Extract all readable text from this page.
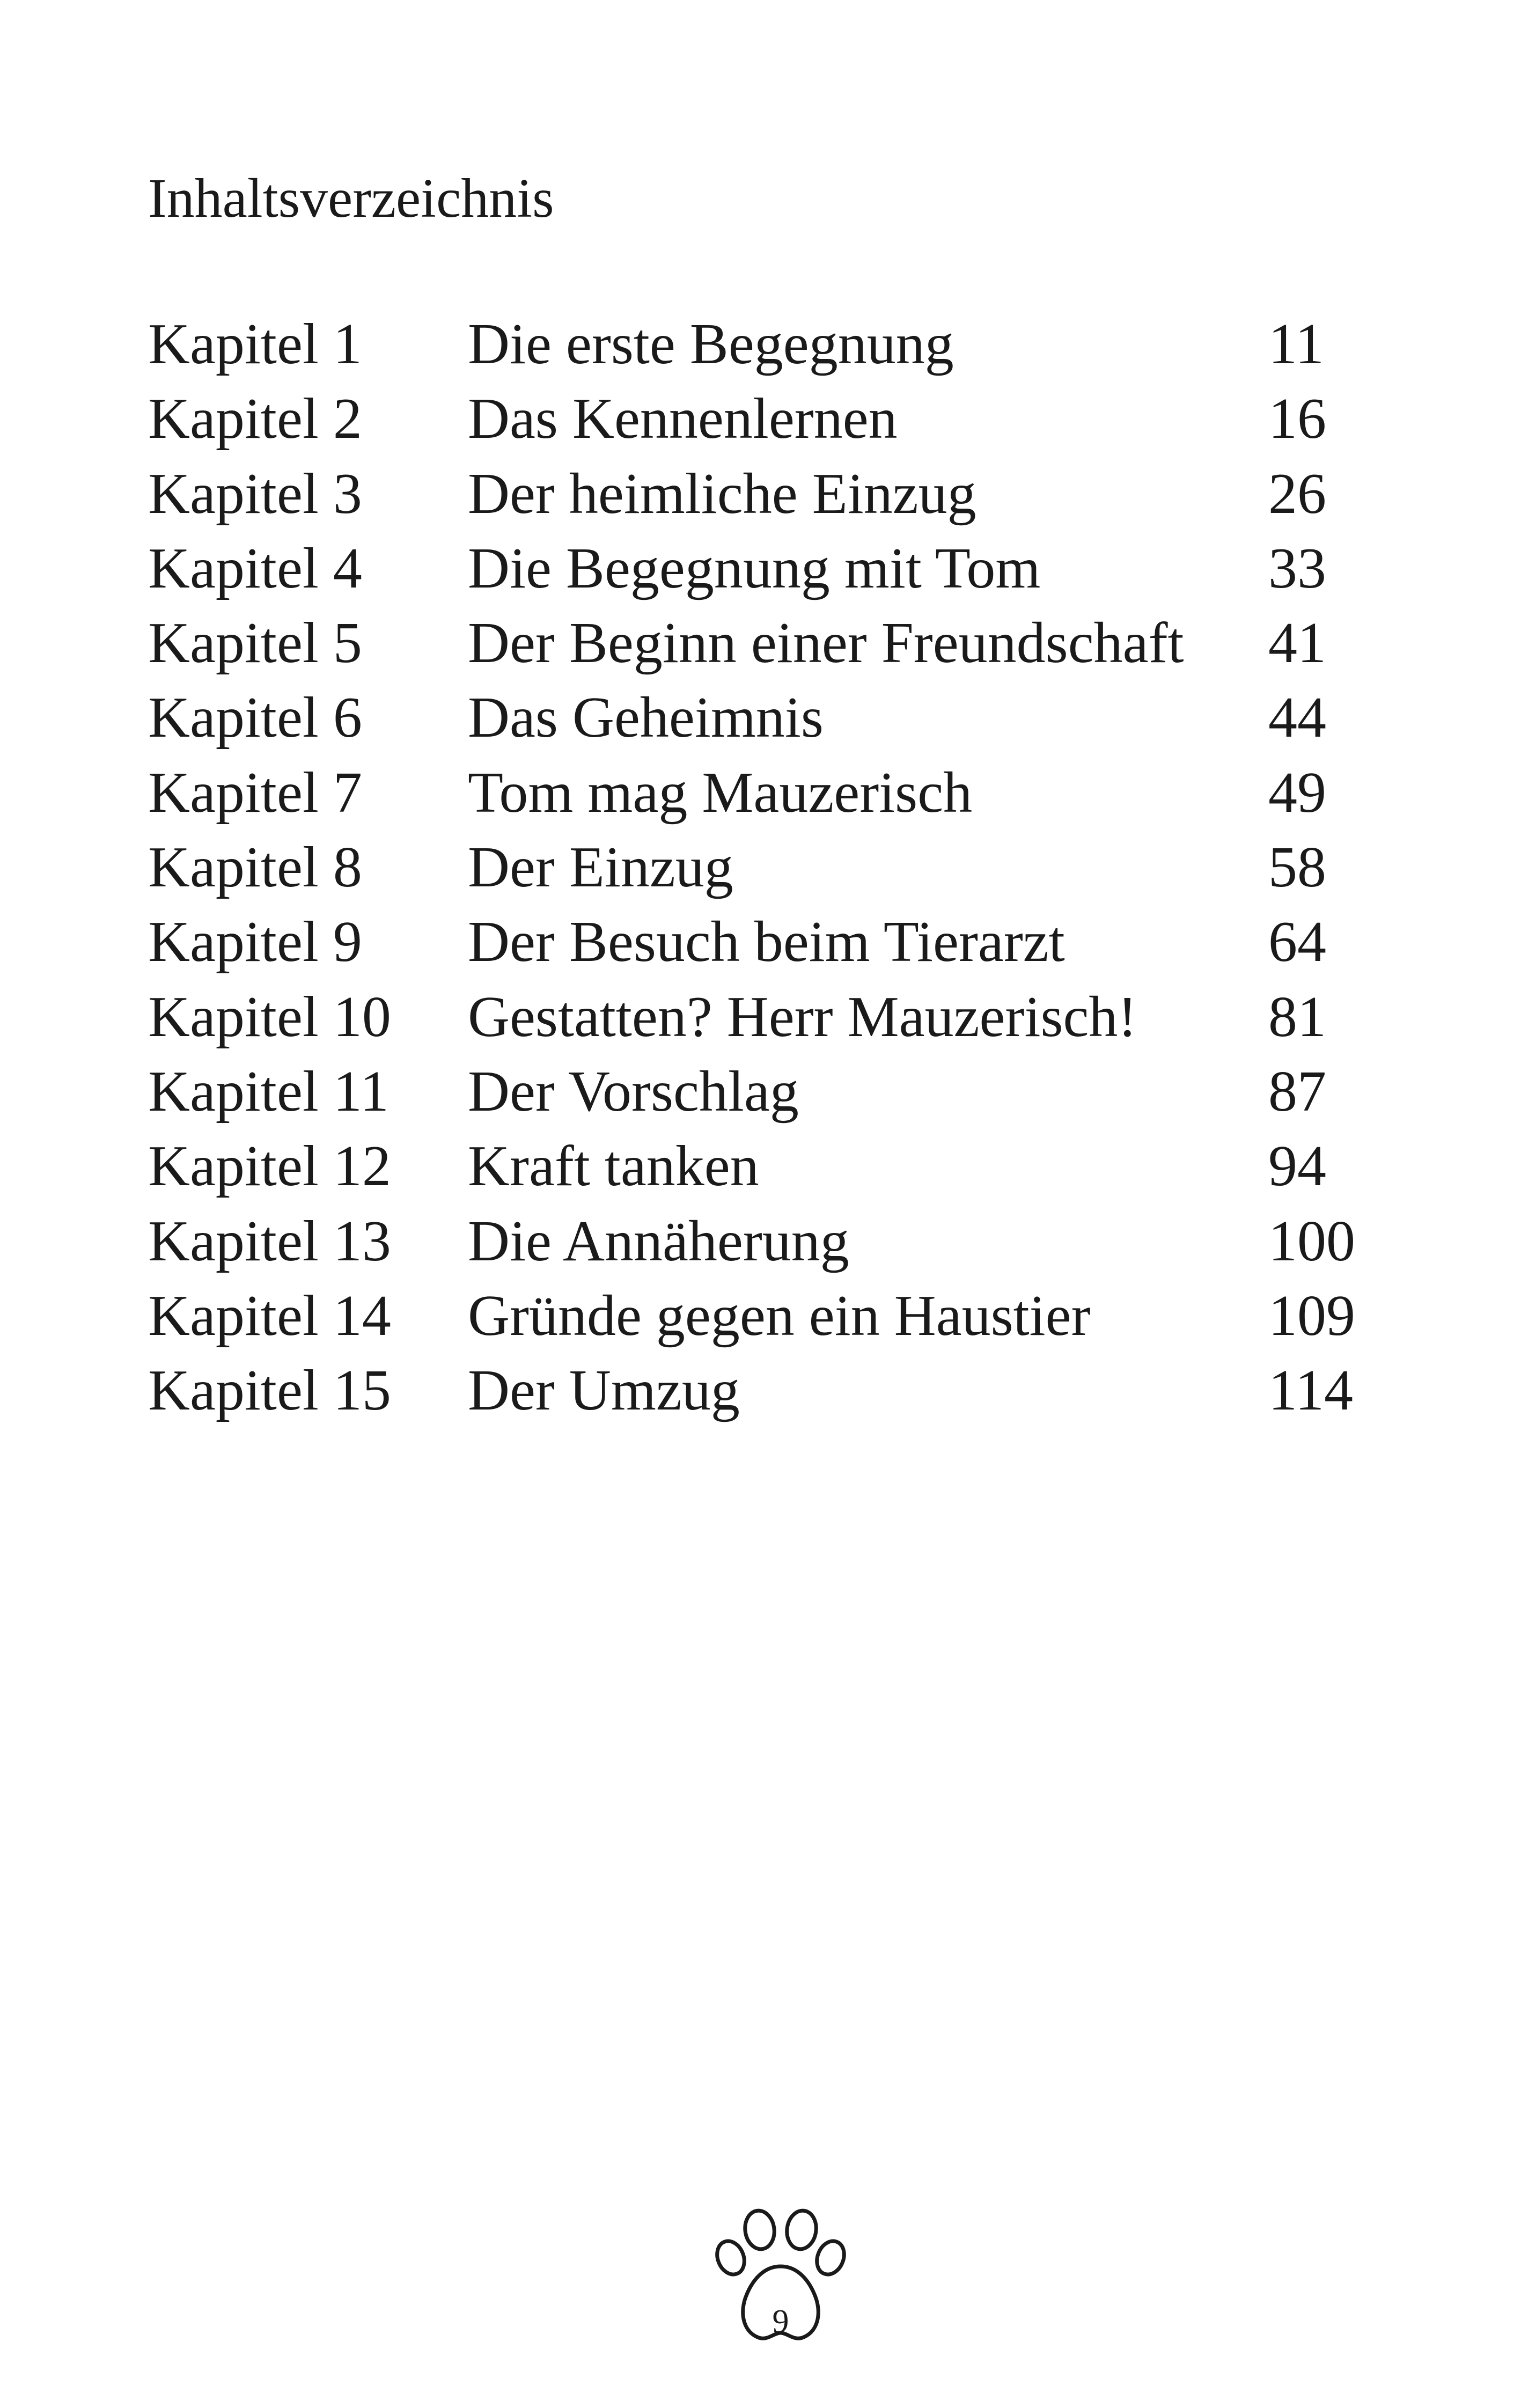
Inhaltsverzeichnis
Kapitel 1 Die erste Begegnung	11
Kapitel 2 Das Kennenlernen	16
Kapitel 3 Der heimliche Einzug	26
Kapitel 4 Die Begegnung mit Tom	33
Kapitel 5 Der Beginn einer Freundschaft 41
Kapitel 6 Das Geheimnis	44
Kapitel 7 Tom mag Mauzerisch	49
Kapitel 8 Der Einzug	58
Kapitel 9 Der Besuch beim Tierarzt	64
Kapitel 10 Gestatten? Herr Mauzerisch! 81
Kapitel 11 Der Vorschlag	87
Kapitel 12 Kraft tanken	94
Kapitel 13 Die Annäherung	100
Kapitel 14 Gründe gegen ein Haustier	109
Kapitel 15 Der Umzug	114
9
